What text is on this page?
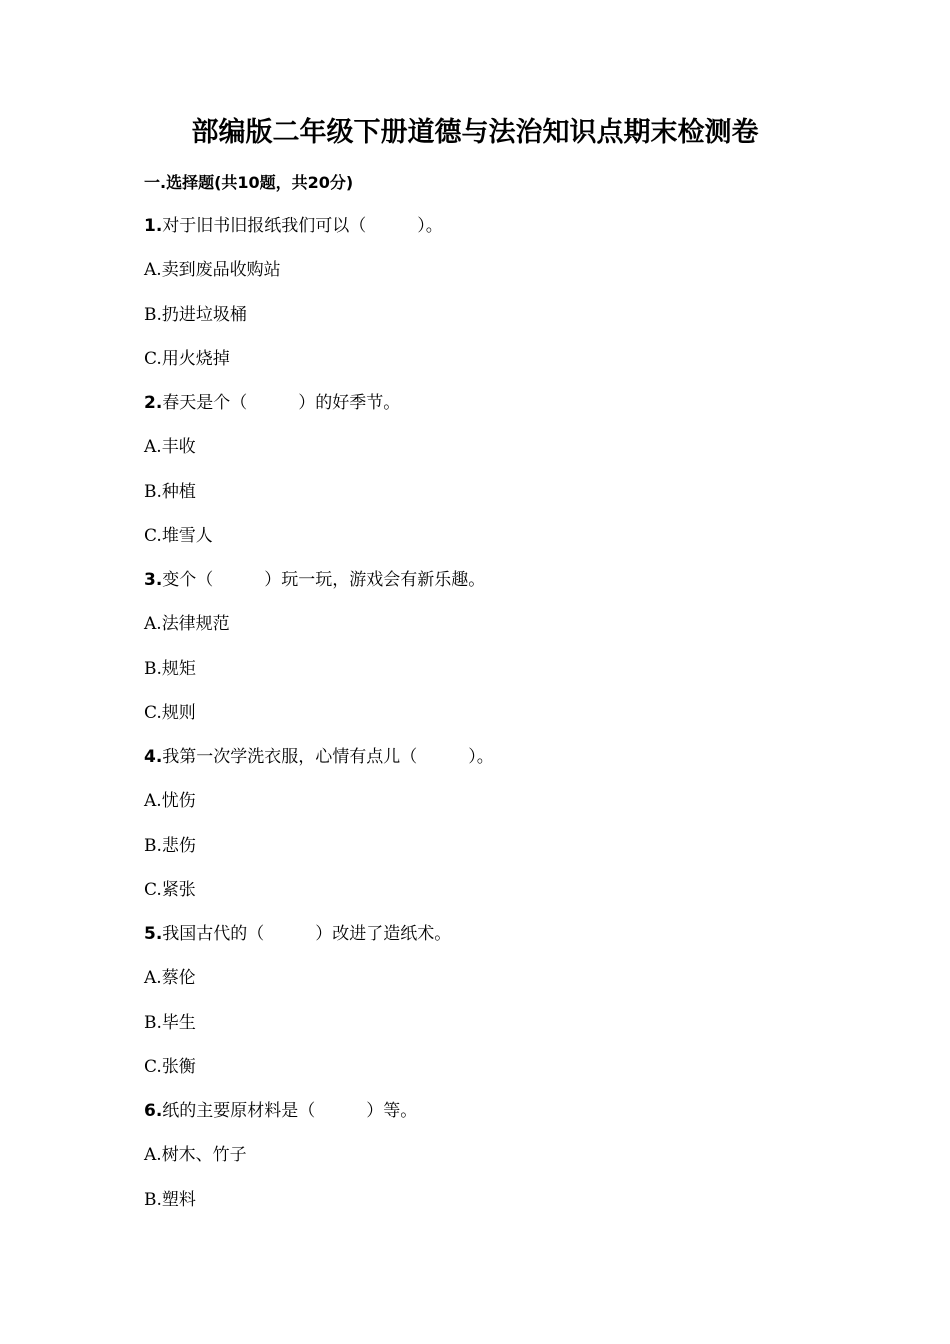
部编版二年级下册道德与法治知识点期末检测卷
一.选择题(共10题，共20分)
1.对于旧书旧报纸我们可以（　　　）。
A.卖到废品收购站
B.扔进垃圾桶
C.用火烧掉
2.春天是个（　　　）的好季节。
A.丰收
B.种植
C.堆雪人
3.变个（　　　）玩一玩，游戏会有新乐趣。
A.法律规范
B.规矩
C.规则
4.我第一次学洗衣服，心情有点儿（　　　）。
A.忧伤
B.悲伤
C.紧张
5.我国古代的（　　　）改进了造纸术。
A.蔡伦
B.毕生
C.张衡
6.纸的主要原材料是（　　　）等。
A.树木、竹子
B.塑料
